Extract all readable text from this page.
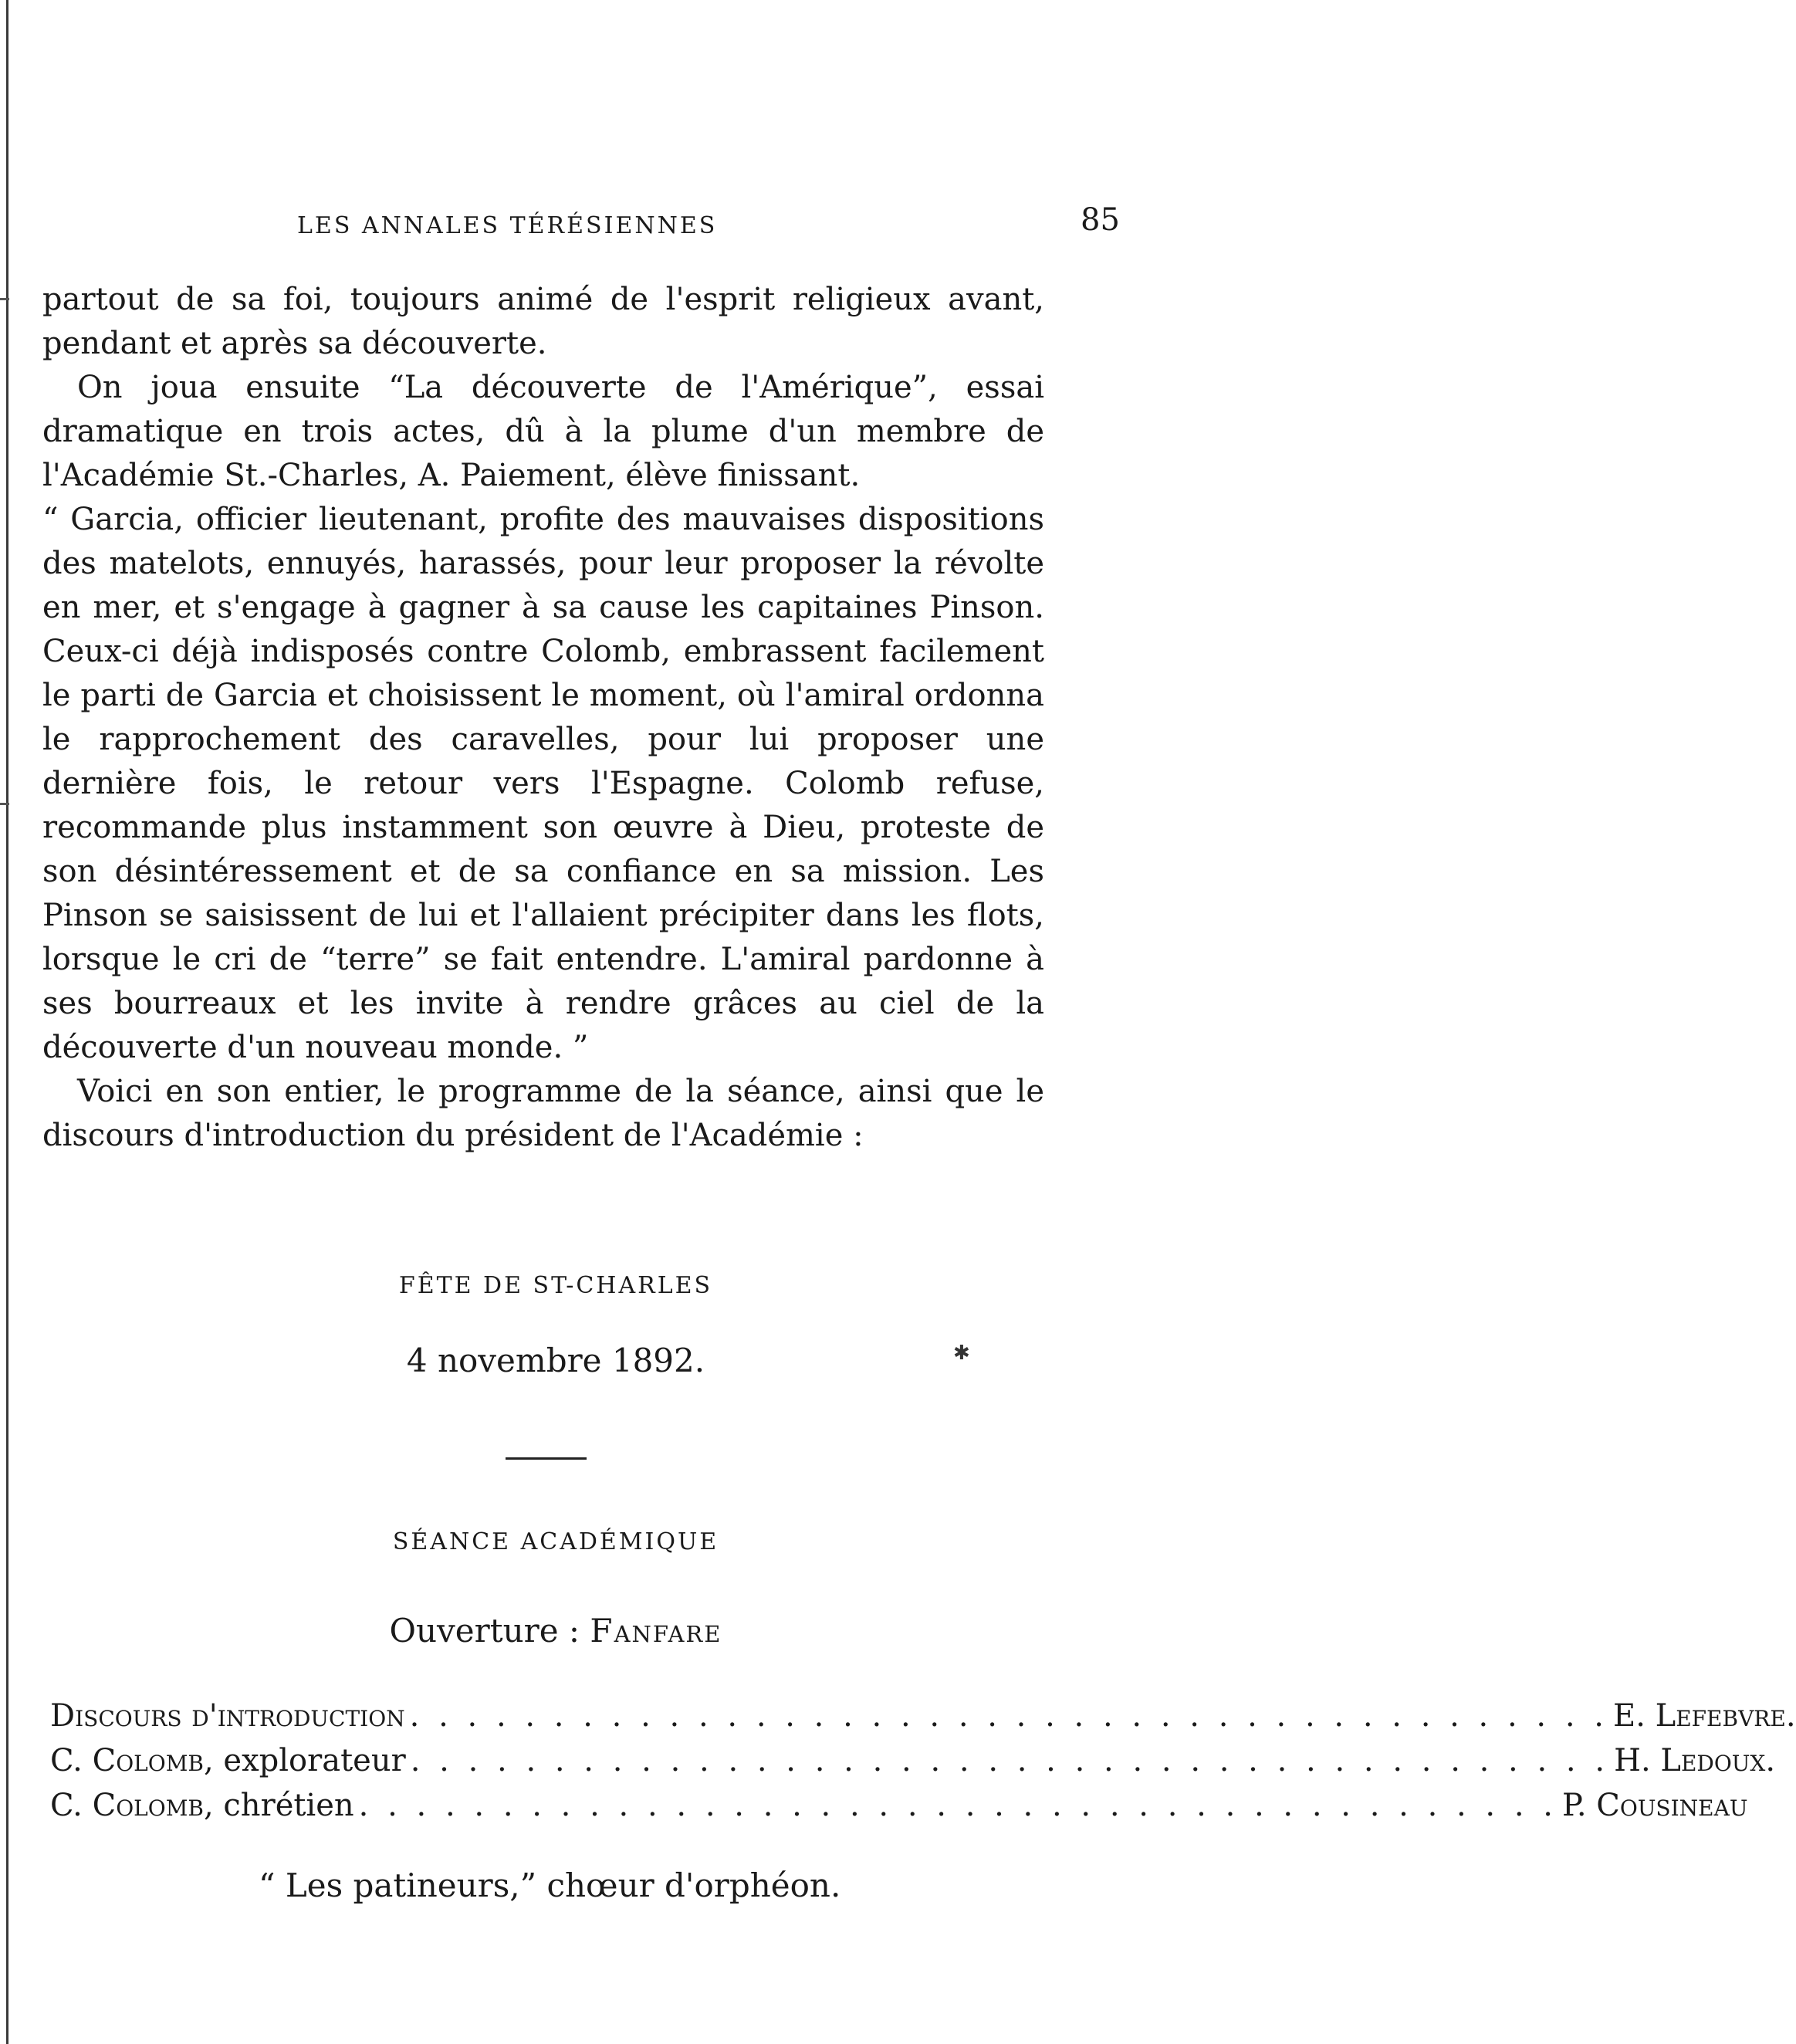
LES ANNALES TÉRÉSIENNES	85

partout de sa foi, toujours animé de l'esprit religieux avant, pendant et après sa découverte.

On joua ensuite “La découverte de l'Amérique”, essai dramatique en trois actes, dû à la plume d'un membre de l'Académie St.-Charles, A. Paiement, élève finissant.

“ Garcia, officier lieutenant, profite des mauvaises dispositions des matelots, ennuyés, harassés, pour leur proposer la révolte en mer, et s'engage à gagner à sa cause les capitaines Pinson. Ceux-ci déjà indisposés contre Colomb, embrassent facilement le parti de Garcia et choisissent le moment, où l'amiral ordonna le rapprochement des caravelles, pour lui proposer une dernière fois, le retour vers l'Espagne. Colomb refuse, recommande plus instamment son œuvre à Dieu, proteste de son désintéressement et de sa confiance en sa mission. Les Pinson se saisissent de lui et l'allaient précipiter dans les flots, lorsque le cri de “terre” se fait entendre. L'amiral pardonne à ses bourreaux et les invite à rendre grâces au ciel de la découverte d'un nouveau monde. ”

Voici en son entier, le programme de la séance, ainsi que le discours d'introduction du président de l'Académie :

FÊTE DE ST-CHARLES
4 novembre 1892.
SÉANCE ACADÉMIQUE
Ouverture : Fanfare
Discours d'introduction . . . . . . . . . . . . . . . . . . . . . . . . . . . . . . . . . . . . . . . . . . E. Lefebvre.
C. Colomb, explorateur . . . . . . . . . . . . . . . . . . . . . . . . . . . . . . . . . . . . . . . . . . H. Ledoux.
C. Colomb, chrétien . . . . . . . . . . . . . . . . . . . . . . . . . . . . . . . . . . . . . . . . . . P. Cousineau
“ Les patineurs,” chœur d'orphéon.
✱
